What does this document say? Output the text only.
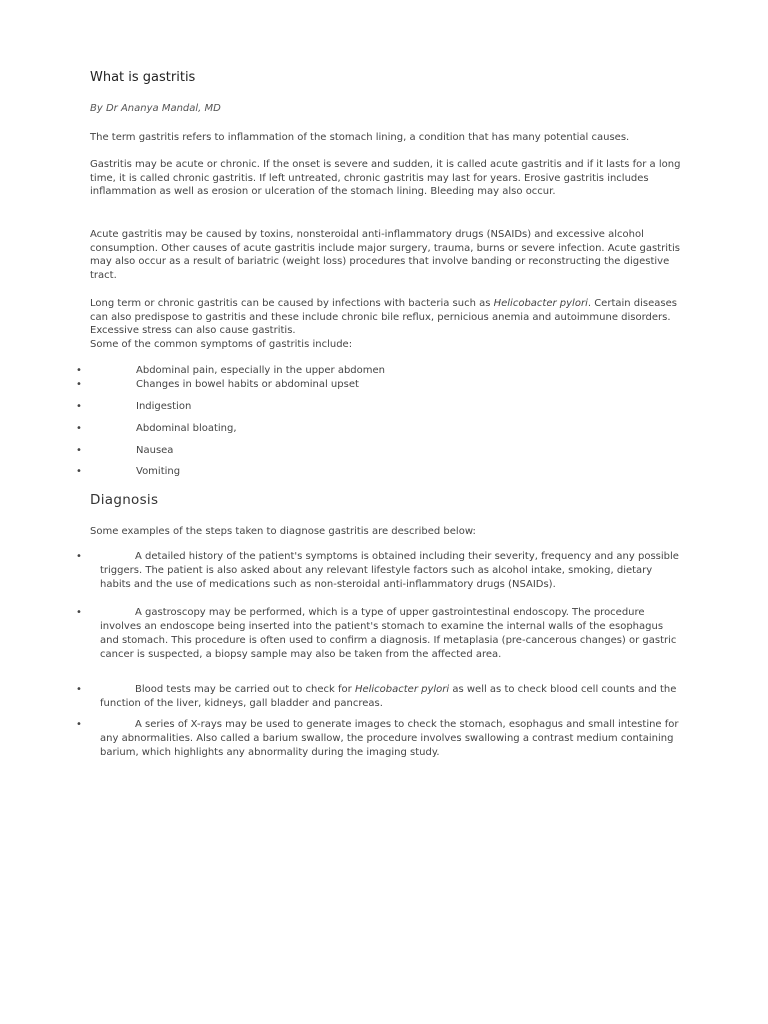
What is gastritis

By Dr Ananya Mandal, MD

The term gastritis refers to inflammation of the stomach lining, a condition that has many potential causes.

Gastritis may be acute or chronic. If the onset is severe and sudden, it is called acute gastritis and if it lasts for a long time, it is called chronic gastritis. If left untreated, chronic gastritis may last for years. Erosive gastritis includes inflammation as well as erosion or ulceration of the stomach lining. Bleeding may also occur.

Acute gastritis may be caused by toxins, nonsteroidal anti-inflammatory drugs (NSAIDs) and excessive alcohol consumption. Other causes of acute gastritis include major surgery, trauma, burns or severe infection. Acute gastritis may also occur as a result of bariatric (weight loss) procedures that involve banding or reconstructing the digestive tract.

Long term or chronic gastritis can be caused by infections with bacteria such as Helicobacter pylori. Certain diseases can also predispose to gastritis and these include chronic bile reflux, pernicious anemia and autoimmune disorders. Excessive stress can also cause gastritis.
Some of the common symptoms of gastritis include:

•	Abdominal pain, especially in the upper abdomen
•	Changes in bowel habits or abdominal upset
•	Indigestion
•	Abdominal bloating,
•	Nausea
•	Vomiting
Diagnosis

Some examples of the steps taken to diagnose gastritis are described below:

•	A detailed history of the patient's symptoms is obtained including their severity, frequency and any possible triggers. The patient is also asked about any relevant lifestyle factors such as alcohol intake, smoking, dietary habits and the use of medications such as non-steroidal anti-inflammatory drugs (NSAIDs).
•	A gastroscopy may be performed, which is a type of upper gastrointestinal endoscopy. The procedure involves an endoscope being inserted into the patient's stomach to examine the internal walls of the esophagus and stomach. This procedure is often used to confirm a diagnosis. If metaplasia (pre-cancerous changes) or gastric cancer is suspected, a biopsy sample may also be taken from the affected area.
•	Blood tests may be carried out to check for Helicobacter pylori as well as to check blood cell counts and the function of the liver, kidneys, gall bladder and pancreas.
•	A series of X-rays may be used to generate images to check the stomach, esophagus and small intestine for any abnormalities. Also called a barium swallow, the procedure involves swallowing a contrast medium containing barium, which highlights any abnormality during the imaging study.
